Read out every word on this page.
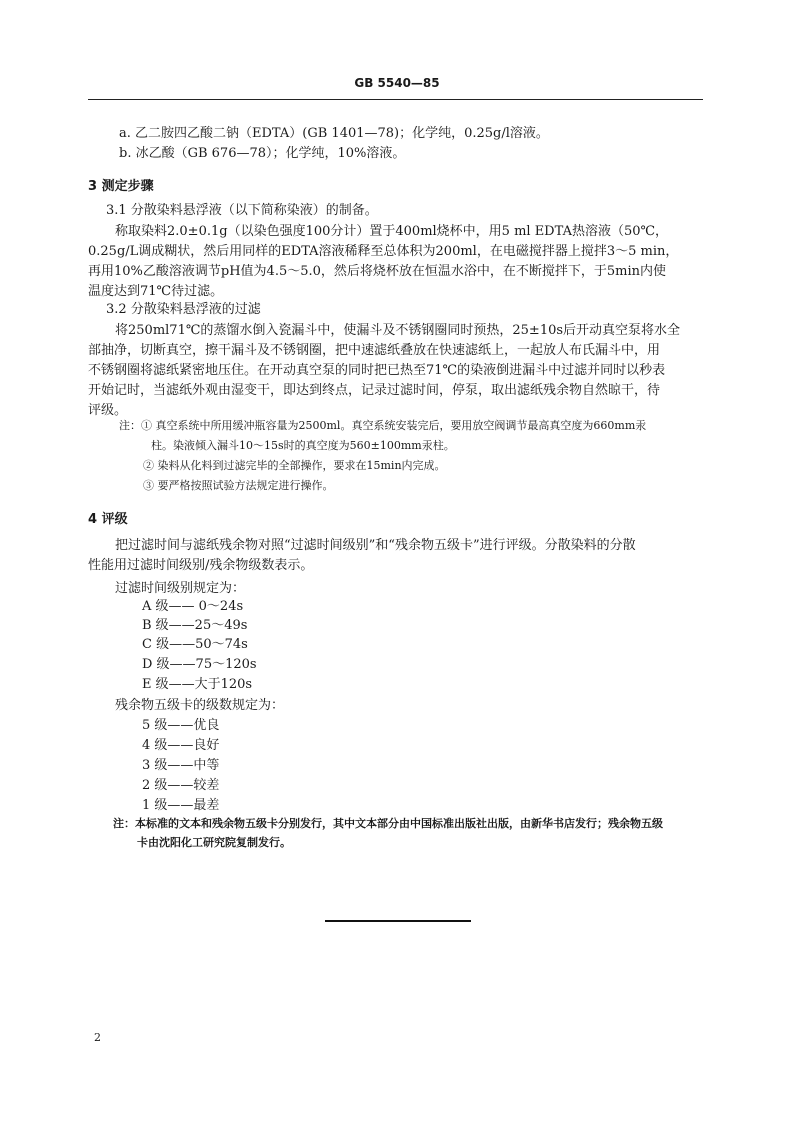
GB 5540—85
a. 乙二胺四乙酸二钠（EDTA）(GB 1401—78)；化学纯，0.25g/l溶液。
b. 冰乙酸（GB 676—78）；化学纯，10%溶液。
3 测定步骤
3.1 分散染料悬浮液（以下简称染液）的制备。
称取染料2.0±0.1g（以染色强度100分计）置于400ml烧杯中，用5 ml EDTA热溶液（50℃，
0.25g/L调成糊状，然后用同样的EDTA溶液稀释至总体积为200ml，在电磁搅拌器上搅拌3～5 min，
再用10%乙酸溶液调节pH值为4.5～5.0，然后将烧杯放在恒温水浴中，在不断搅拌下，于5min内使
温度达到71℃待过滤。
3.2 分散染料悬浮液的过滤
将250ml71℃的蒸馏水倒入瓷漏斗中，使漏斗及不锈钢圈同时预热，25±10s后开动真空泵将水全
部抽净，切断真空，擦干漏斗及不锈钢圈，把中速滤纸叠放在快速滤纸上，一起放人布氏漏斗中，用
不锈钢圈将滤纸紧密地压住。在开动真空泵的同时把已热至71℃的染液倒进漏斗中过滤并同时以秒表
开始记时，当滤纸外观由湿变干，即达到终点，记录过滤时间，停泵，取出滤纸残余物自然晾干，待
评级。
注：① 真空系统中所用缓冲瓶容量为2500ml。真空系统安装完后，要用放空阀调节最高真空度为660mm汞
柱。染液倾入漏斗10～15s时的真空度为560±100mm汞柱。
② 染料从化料到过滤完毕的全部操作，要求在15min内完成。
③ 要严格按照试验方法规定进行操作。
4 评级
把过滤时间与滤纸残余物对照“过滤时间级别”和“残余物五级卡”进行评级。分散染料的分散
性能用过滤时间级别/残余物级数表示。
过滤时间级别规定为：
A 级—— 0～24s
B 级——25～49s
C 级——50～74s
D 级——75～120s
E 级——大于120s
残余物五级卡的级数规定为：
5 级——优良
4 级——良好
3 级——中等
2 级——较差
1 级——最差
注：本标准的文本和残余物五级卡分别发行，其中文本部分由中国标准出版社出版，由新华书店发行；残余物五级
卡由沈阳化工研究院复制发行。
2
